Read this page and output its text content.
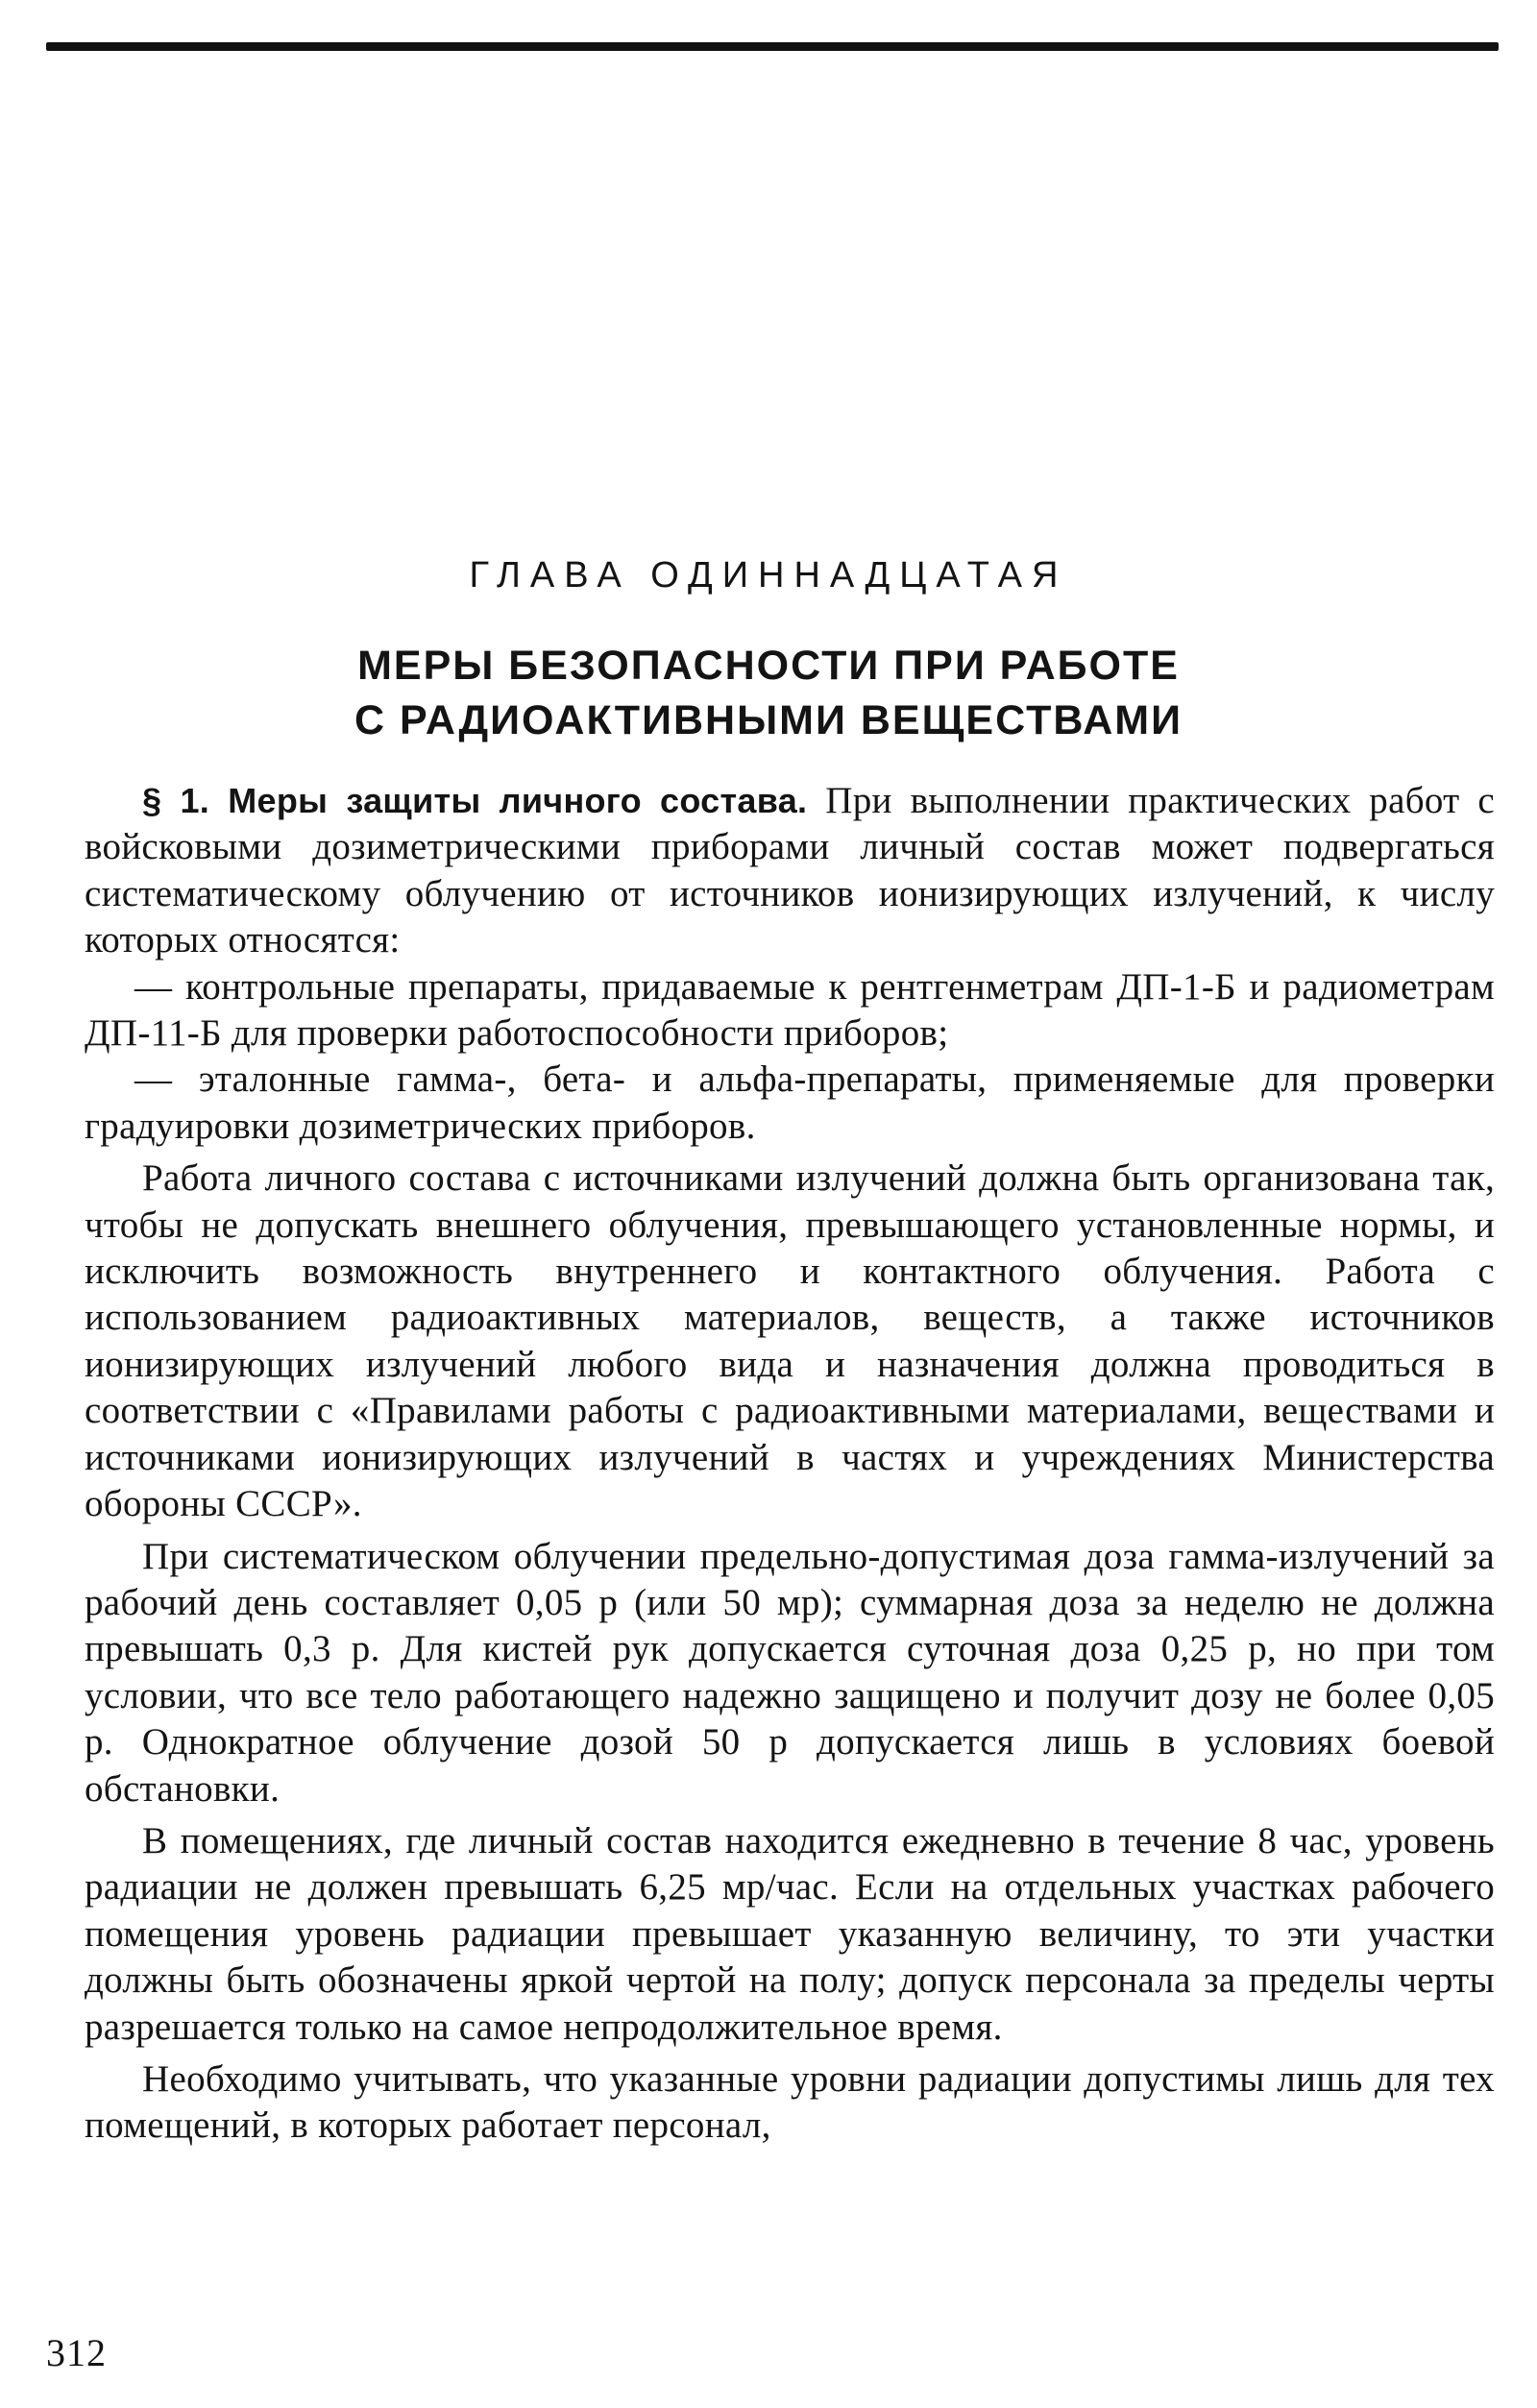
ГЛАВА ОДИННАДЦАТАЯ
МЕРЫ БЕЗОПАСНОСТИ ПРИ РАБОТЕ
С РАДИОАКТИВНЫМИ ВЕЩЕСТВАМИ

§ 1. Меры защиты личного состава. При выполнении практических работ с войсковыми дозиметрическими приборами личный состав может подвергаться систематическому облучению от источников ионизирующих излучений, к числу которых относятся:

— контрольные препараты, придаваемые к рентгенметрам ДП-1-Б и радиометрам ДП-11-Б для проверки работоспособности приборов;

— эталонные гамма-, бета- и альфа-препараты, применяемые для проверки градуировки дозиметрических приборов.

Работа личного состава с источниками излучений должна быть организована так, чтобы не допускать внешнего облучения, превышающего установленные нормы, и исключить возможность внутреннего и контактного облучения. Работа с использованием радиоактивных материалов, веществ, а также источников ионизирующих излучений любого вида и назначения должна проводиться в соответствии с «Правилами работы с радиоактивными материалами, веществами и источниками ионизирующих излучений в частях и учреждениях Министерства обороны СССР».

При систематическом облучении предельно-допустимая доза гамма-излучений за рабочий день составляет 0,05 р (или 50 мр); суммарная доза за неделю не должна превышать 0,3 р. Для кистей рук допускается суточная доза 0,25 р, но при том условии, что все тело работающего надежно защищено и получит дозу не более 0,05 р. Однократное облучение дозой 50 р допускается лишь в условиях боевой обстановки.

В помещениях, где личный состав находится ежедневно в течение 8 час, уровень радиации не должен превышать 6,25 мр/час. Если на отдельных участках рабочего помещения уровень радиации превышает указанную величину, то эти участки должны быть обозначены яркой чертой на полу; допуск персонала за пределы черты разрешается только на самое непродолжительное время.

Необходимо учитывать, что указанные уровни радиации допустимы лишь для тех помещений, в которых работает персонал,

312
